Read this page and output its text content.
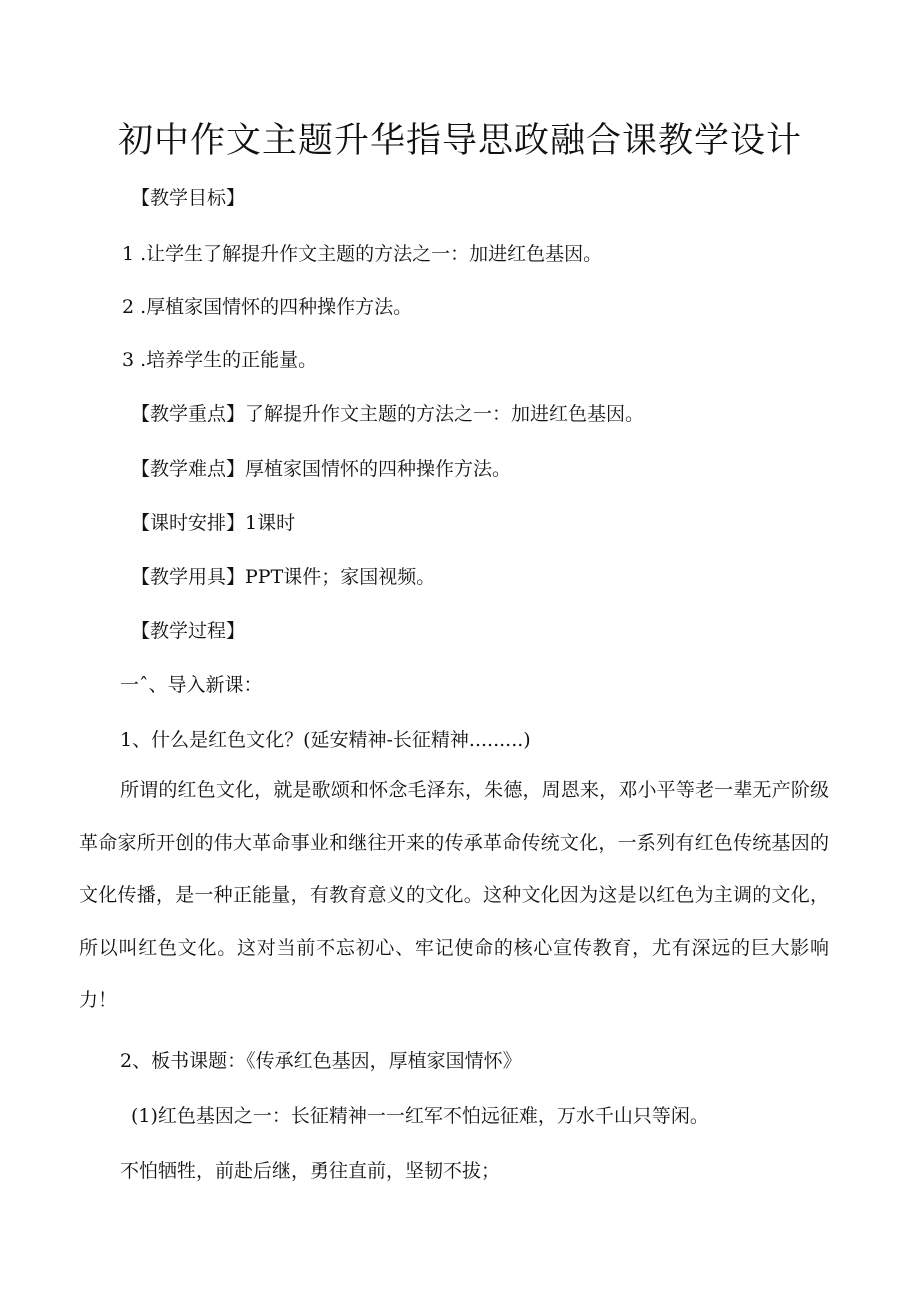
初中作文主题升华指导思政融合课教学设计
【教学目标】
1 .让学生了解提升作文主题的方法之一：加进红色基因。
2 .厚植家国情怀的四种操作方法。
3 .培养学生的正能量。
【教学重点】了解提升作文主题的方法之一：加进红色基因。
【教学难点】厚植家国情怀的四种操作方法。
【课时安排】1课时
【教学用具】PPT课件；家国视频。
【教学过程】
一ˆ、导入新课：
1、什么是红色文化？(延安精神-长征精神.........)
所谓的红色文化，就是歌颂和怀念毛泽东，朱德，周恩来，邓小平等老一辈无产阶级革命家所开创的伟大革命事业和继往开来的传承革命传统文化，一系列有红色传统基因的文化传播，是一种正能量，有教育意义的文化。这种文化因为这是以红色为主调的文化，所以叫红色文化。这对当前不忘初心、牢记使命的核心宣传教育，尤有深远的巨大影响力！
2、板书课题：《传承红色基因，厚植家国情怀》
(1)红色基因之一：长征精神一一红军不怕远征难，万水千山只等闲。
不怕牺牲，前赴后继，勇往直前，坚韧不拔；
